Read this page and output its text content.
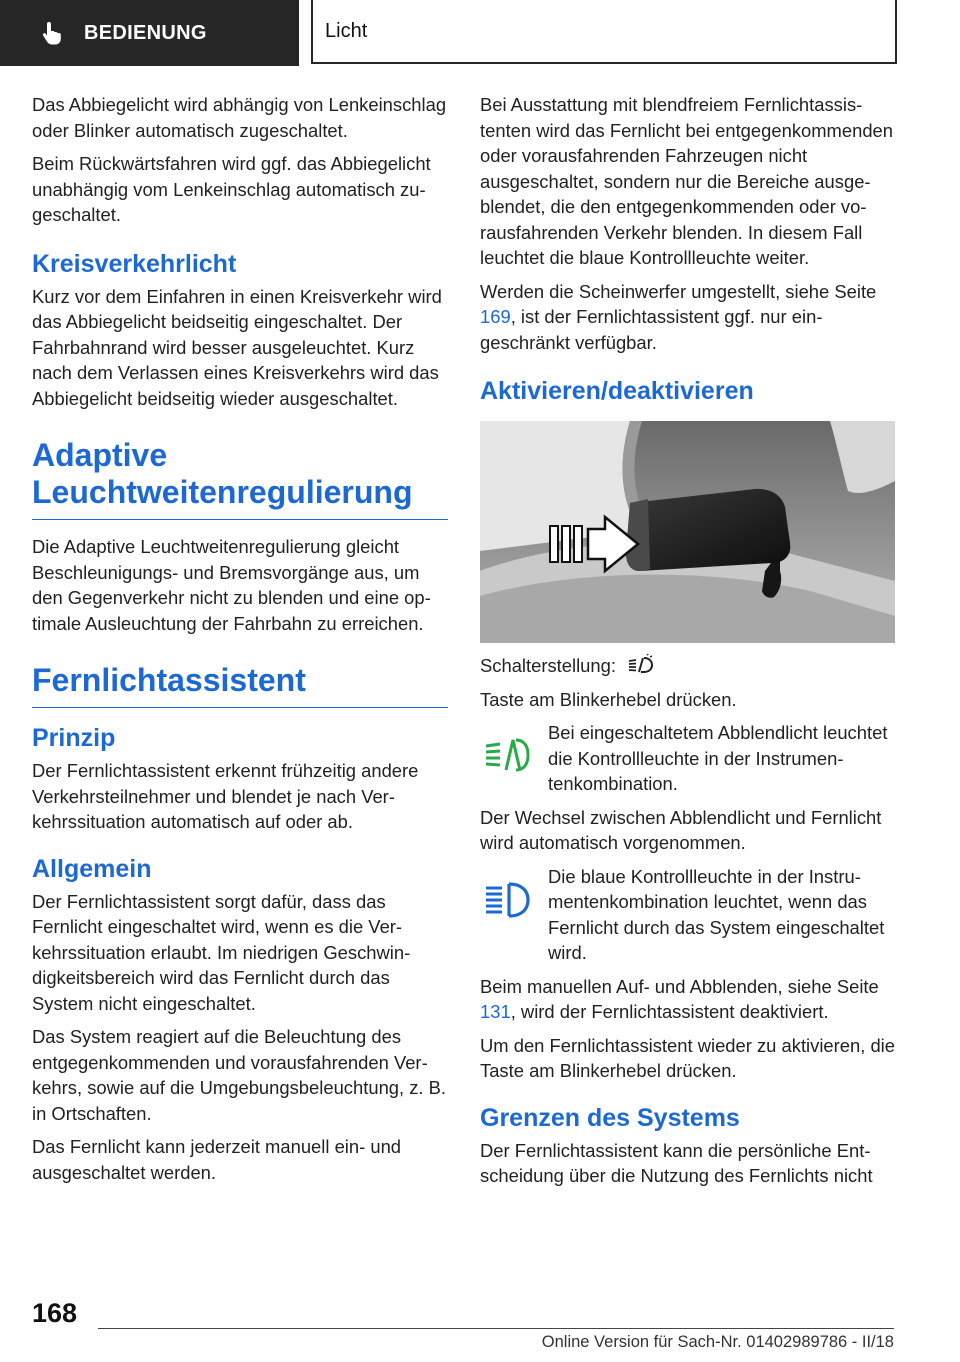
BEDIENUNG	Licht

Das Abbiegelicht wird abhängig von Lenkeinschlag oder Blinker automatisch zugeschaltet.

Beim Rückwärtsfahren wird ggf. das Abbiegelicht unabhängig vom Lenkeinschlag automatisch zugeschaltet.

Kreisverkehrlicht

Kurz vor dem Einfahren in einen Kreisverkehr wird das Abbiegelicht beidseitig eingeschaltet. Der Fahrbahnrand wird besser ausgeleuchtet. Kurz nach dem Verlassen eines Kreisverkehrs wird das Abbiegelicht beidseitig wieder ausgeschaltet.

Adaptive Leuchtweitenregulierung

Die Adaptive Leuchtweitenregulierung gleicht Beschleunigungs- und Bremsvorgänge aus, um den Gegenverkehr nicht zu blenden und eine optimale Ausleuchtung der Fahrbahn zu erreichen.

Fernlichtassistent
Prinzip

Der Fernlichtassistent erkennt frühzeitig andere Verkehrsteilnehmer und blendet je nach Verkehrssituation automatisch auf oder ab.

Allgemein

Der Fernlichtassistent sorgt dafür, dass das Fernlicht eingeschaltet wird, wenn es die Verkehrssituation erlaubt. Im niedrigen Geschwindigkeitsbereich wird das Fernlicht durch das System nicht eingeschaltet.

Das System reagiert auf die Beleuchtung des entgegenkommenden und vorausfahrenden Verkehrs, sowie auf die Umgebungsbeleuchtung, z. B. in Ortschaften.

Das Fernlicht kann jederzeit manuell ein- und ausgeschaltet werden.

Bei Ausstattung mit blendfreiem Fernlichtassistenten wird das Fernlicht bei entgegenkommenden oder vorausfahrenden Fahrzeugen nicht ausgeschaltet, sondern nur die Bereiche ausgeblendet, die den entgegenkommenden oder vorausfahrenden Verkehr blenden. In diesem Fall leuchtet die blaue Kontrollleuchte weiter.

Werden die Scheinwerfer umgestellt, siehe Seite 169, ist der Fernlichtassistent ggf. nur eingeschränkt verfügbar.

Aktivieren/deaktivieren

Schalterstellung:

Taste am Blinkerhebel drücken.

Bei eingeschaltetem Abblendlicht leuchtet die Kontrollleuchte in der Instrumentenkombination.

Der Wechsel zwischen Abblendlicht und Fernlicht wird automatisch vorgenommen.

Die blaue Kontrollleuchte in der Instrumentenkombination leuchtet, wenn das Fernlicht durch das System eingeschaltet wird.

Beim manuellen Auf- und Abblenden, siehe Seite 131, wird der Fernlichtassistent deaktiviert.

Um den Fernlichtassistent wieder zu aktivieren, die Taste am Blinkerhebel drücken.

Grenzen des Systems

Der Fernlichtassistent kann die persönliche Entscheidung über die Nutzung des Fernlichts nicht

168
Online Version für Sach-Nr. 01402989786 - II/18
